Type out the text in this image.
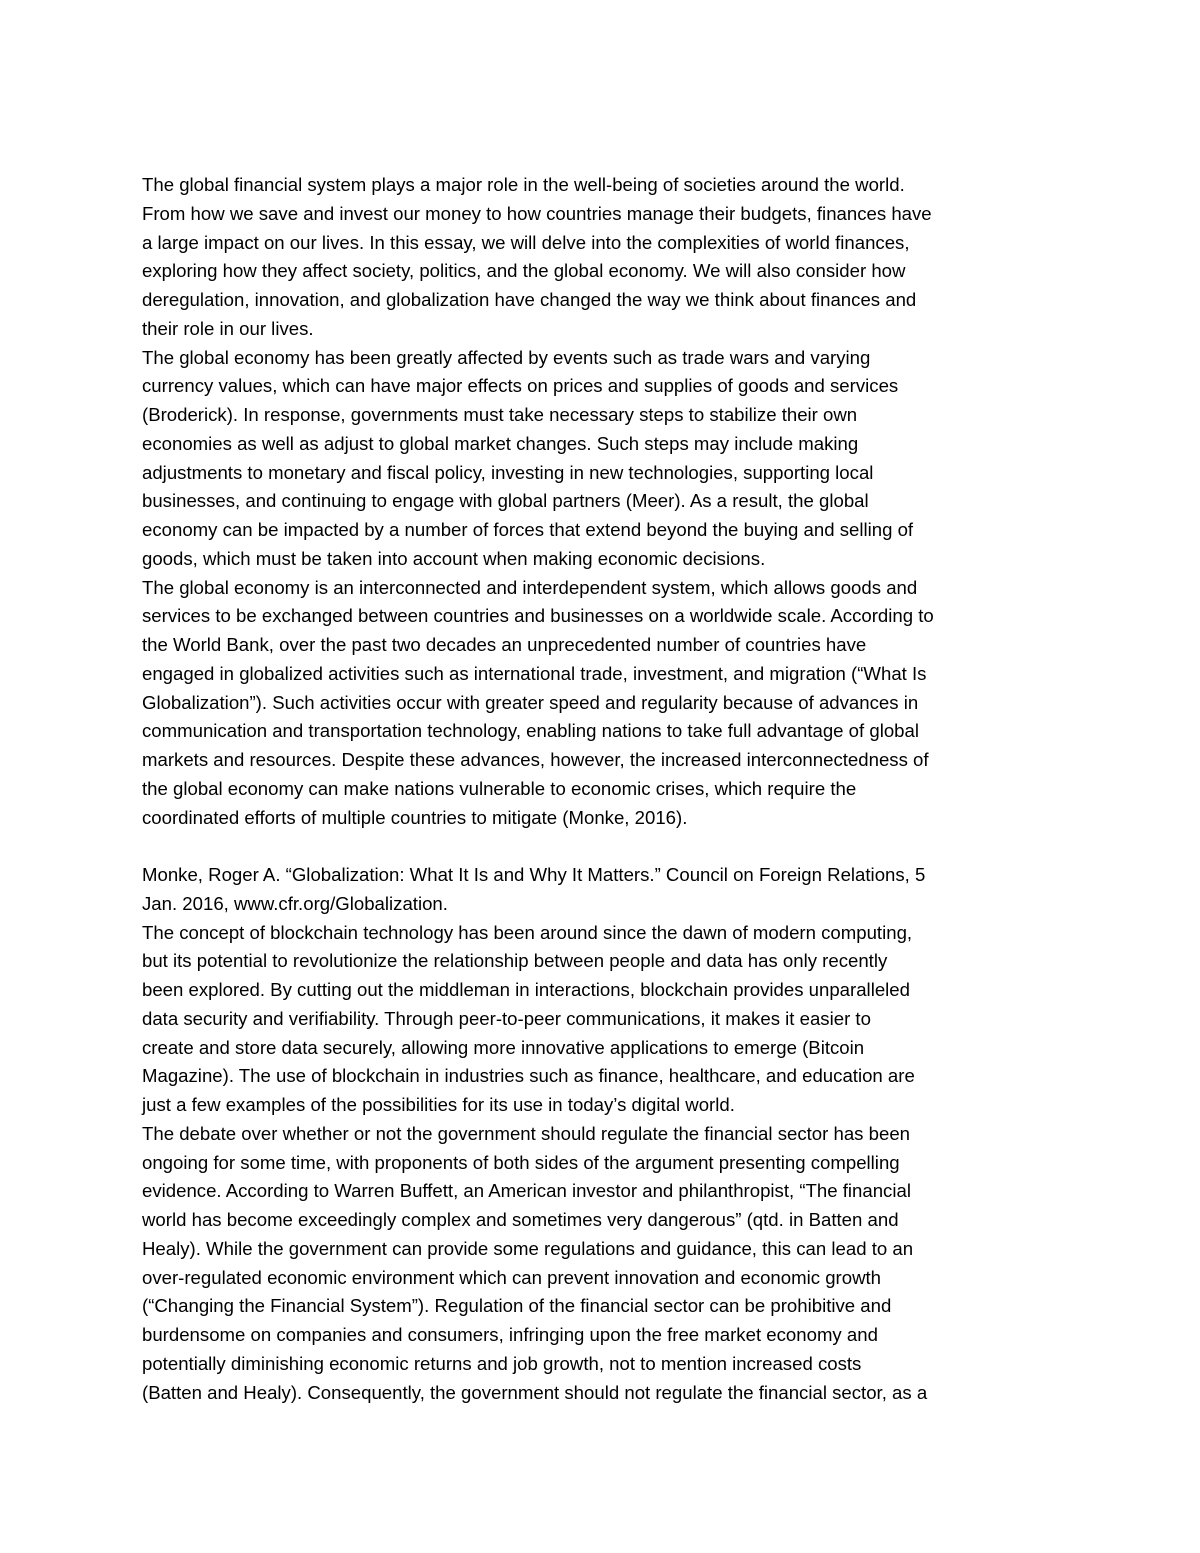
The global financial system plays a major role in the well-being of societies around the world.
From how we save and invest our money to how countries manage their budgets, finances have
a large impact on our lives. In this essay, we will delve into the complexities of world finances,
exploring how they affect society, politics, and the global economy. We will also consider how
deregulation, innovation, and globalization have changed the way we think about finances and
their role in our lives.
The global economy has been greatly affected by events such as trade wars and varying
currency values, which can have major effects on prices and supplies of goods and services
(Broderick). In response, governments must take necessary steps to stabilize their own
economies as well as adjust to global market changes. Such steps may include making
adjustments to monetary and fiscal policy, investing in new technologies, supporting local
businesses, and continuing to engage with global partners (Meer). As a result, the global
economy can be impacted by a number of forces that extend beyond the buying and selling of
goods, which must be taken into account when making economic decisions.
The global economy is an interconnected and interdependent system, which allows goods and
services to be exchanged between countries and businesses on a worldwide scale. According to
the World Bank, over the past two decades an unprecedented number of countries have
engaged in globalized activities such as international trade, investment, and migration (“What Is
Globalization”). Such activities occur with greater speed and regularity because of advances in
communication and transportation technology, enabling nations to take full advantage of global
markets and resources. Despite these advances, however, the increased interconnectedness of
the global economy can make nations vulnerable to economic crises, which require the
coordinated efforts of multiple countries to mitigate (Monke, 2016).
Monke, Roger A. “Globalization: What It Is and Why It Matters.” Council on Foreign Relations, 5
Jan. 2016, www.cfr.org/Globalization.
The concept of blockchain technology has been around since the dawn of modern computing,
but its potential to revolutionize the relationship between people and data has only recently
been explored. By cutting out the middleman in interactions, blockchain provides unparalleled
data security and verifiability. Through peer-to-peer communications, it makes it easier to
create and store data securely, allowing more innovative applications to emerge (Bitcoin
Magazine). The use of blockchain in industries such as finance, healthcare, and education are
just a few examples of the possibilities for its use in today’s digital world.
The debate over whether or not the government should regulate the financial sector has been
ongoing for some time, with proponents of both sides of the argument presenting compelling
evidence. According to Warren Buffett, an American investor and philanthropist, “The financial
world has become exceedingly complex and sometimes very dangerous” (qtd. in Batten and
Healy). While the government can provide some regulations and guidance, this can lead to an
over-regulated economic environment which can prevent innovation and economic growth
(“Changing the Financial System”). Regulation of the financial sector can be prohibitive and
burdensome on companies and consumers, infringing upon the free market economy and
potentially diminishing economic returns and job growth, not to mention increased costs
(Batten and Healy). Consequently, the government should not regulate the financial sector, as a
